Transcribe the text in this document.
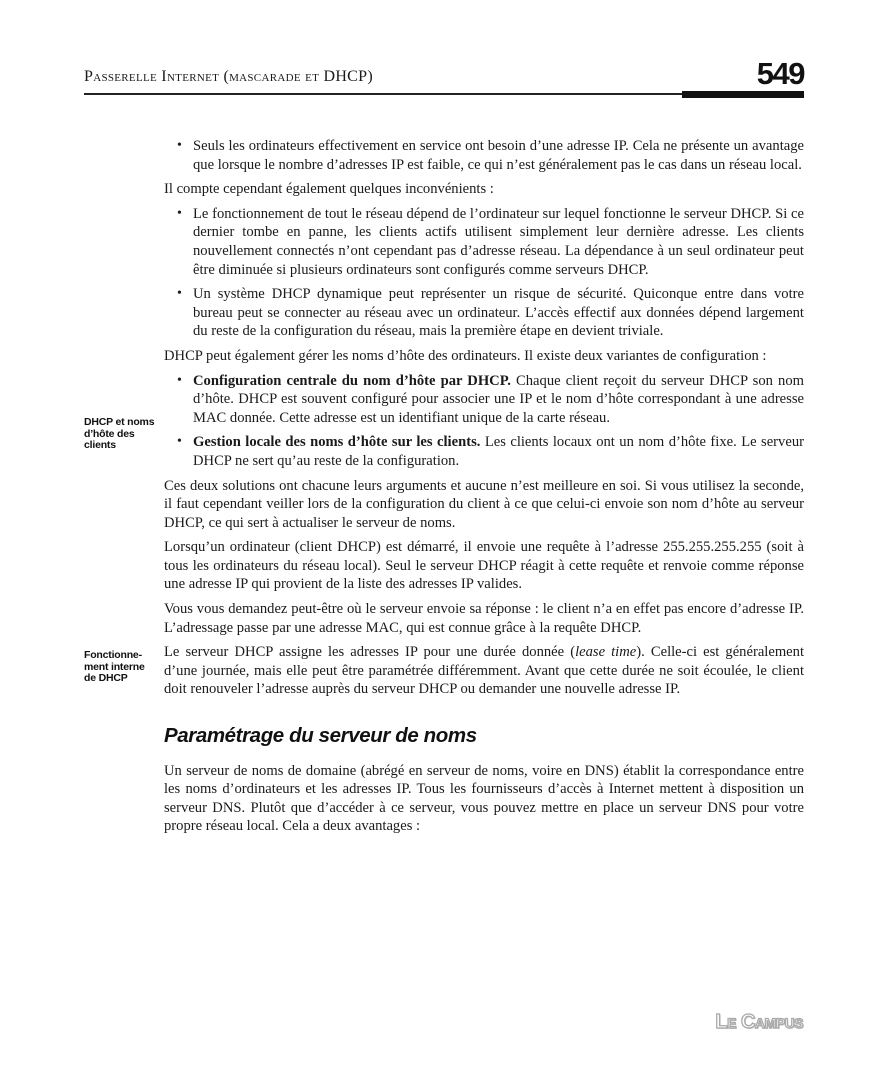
Passerelle Internet (mascarade et DHCP)	549
DHCP et noms d’hôte des clients
Fonctionne-ment interne de DHCP
• Seuls les ordinateurs effectivement en service ont besoin d’une adresse IP. Cela ne présente un avantage que lorsque le nombre d’adresses IP est faible, ce qui n’est généralement pas le cas dans un réseau local.

Il compte cependant également quelques inconvénients :

• Le fonctionnement de tout le réseau dépend de l’ordinateur sur lequel fonctionne le serveur DHCP. Si ce dernier tombe en panne, les clients actifs utilisent simplement leur dernière adresse. Les clients nouvellement connectés n’ont cependant pas d’adresse réseau. La dépendance à un seul ordinateur peut être diminuée si plusieurs ordinateurs sont configurés comme serveurs DHCP.
• Un système DHCP dynamique peut représenter un risque de sécurité. Quiconque entre dans votre bureau peut se connecter au réseau avec un ordinateur. L’accès effectif aux données dépend largement du reste de la configuration du réseau, mais la première étape en devient triviale.

DHCP peut également gérer les noms d’hôte des ordinateurs. Il existe deux variantes de configuration :

• Configuration centrale du nom d’hôte par DHCP. Chaque client reçoit du serveur DHCP son nom d’hôte. DHCP est souvent configuré pour associer une IP et le nom d’hôte correspondant à une adresse MAC donnée. Cette adresse est un identifiant unique de la carte réseau.
• Gestion locale des noms d’hôte sur les clients. Les clients locaux ont un nom d’hôte fixe. Le serveur DHCP ne sert qu’au reste de la configuration.

Ces deux solutions ont chacune leurs arguments et aucune n’est meilleure en soi. Si vous utilisez la seconde, il faut cependant veiller lors de la configuration du client à ce que celui-ci envoie son nom d’hôte au serveur DHCP, ce qui sert à actualiser le serveur de noms.

Lorsqu’un ordinateur (client DHCP) est démarré, il envoie une requête à l’adresse 255.255.255.255 (soit à tous les ordinateurs du réseau local). Seul le serveur DHCP réagit à cette requête et renvoie comme réponse une adresse IP qui provient de la liste des adresses IP valides.

Vous vous demandez peut-être où le serveur envoie sa réponse : le client n’a en effet pas encore d’adresse IP. L’adressage passe par une adresse MAC, qui est connue grâce à la requête DHCP.

Le serveur DHCP assigne les adresses IP pour une durée donnée (lease time). Celle-ci est généralement d’une journée, mais elle peut être paramétrée différemment. Avant que cette durée ne soit écoulée, le client doit renouveler l’adresse auprès du serveur DHCP ou demander une nouvelle adresse IP.

Paramétrage du serveur de noms

Un serveur de noms de domaine (abrégé en serveur de noms, voire en DNS) établit la correspondance entre les noms d’ordinateurs et les adresses IP. Tous les fournisseurs d’accès à Internet mettent à disposition un serveur DNS. Plutôt que d’accéder à ce serveur, vous pouvez mettre en place un serveur DNS pour votre propre réseau local. Cela a deux avantages :

Le Campus
